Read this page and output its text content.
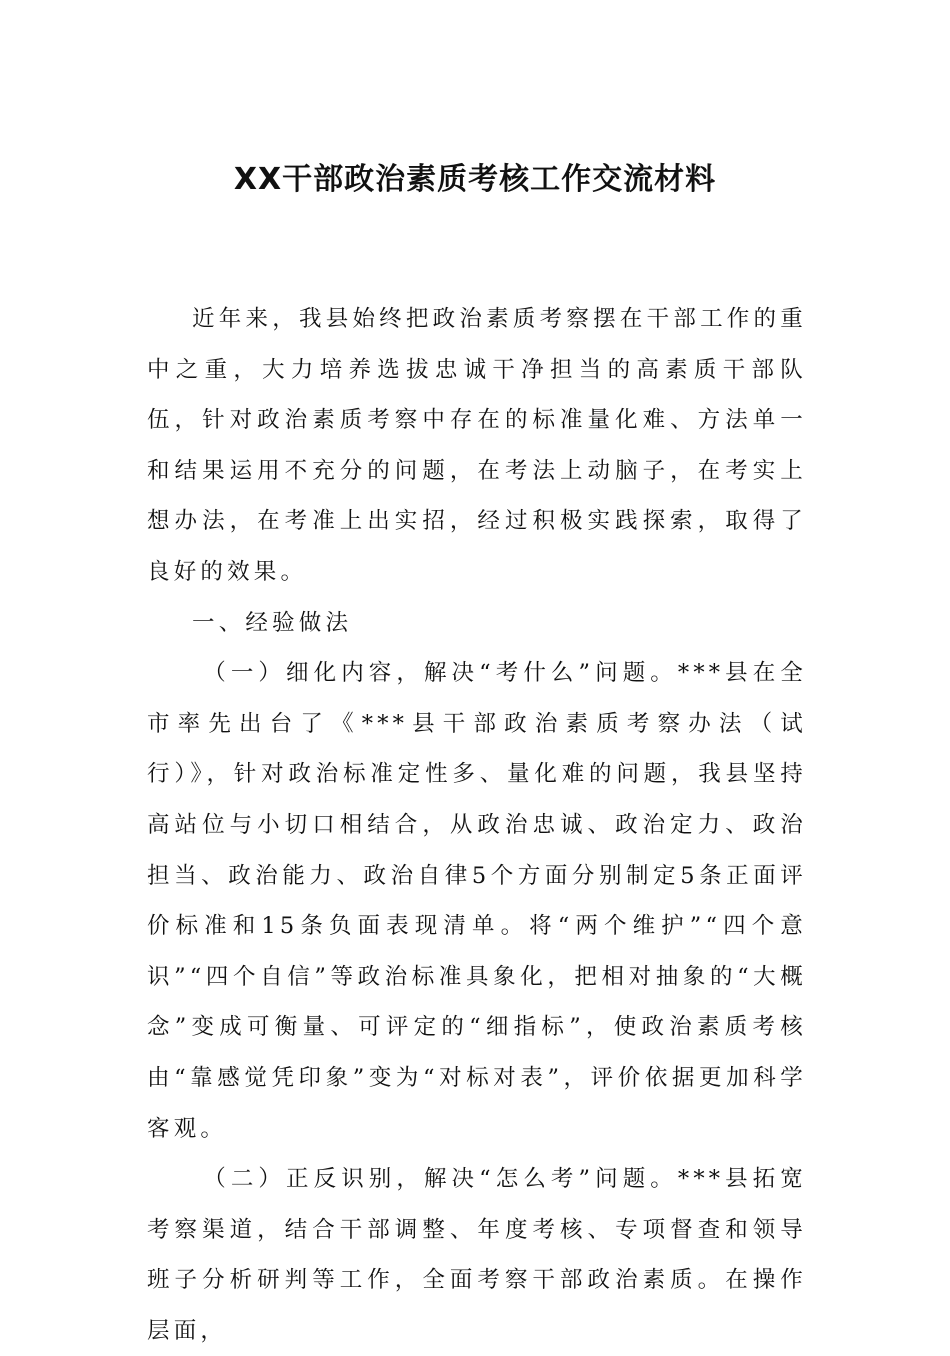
XX干部政治素质考核工作交流材料

近年来，我县始终把政治素质考察摆在干部工作的重中之重，大力培养选拔忠诚干净担当的高素质干部队伍，针对政治素质考察中存在的标准量化难、方法单一和结果运用不充分的问题，在考法上动脑子，在考实上想办法，在考准上出实招，经过积极实践探索，取得了良好的效果。

一、经验做法

（一）细化内容，解决“考什么”问题。***县在全市率先出台了《***县干部政治素质考察办法（试行）》，针对政治标准定性多、量化难的问题，我县坚持高站位与小切口相结合，从政治忠诚、政治定力、政治担当、政治能力、政治自律5个方面分别制定5条正面评价标准和15条负面表现清单。将“两个维护”“四个意识”“四个自信”等政治标准具象化，把相对抽象的“大概念”变成可衡量、可评定的“细指标”，使政治素质考核由“靠感觉凭印象”变为“对标对表”，评价依据更加科学客观。

（二）正反识别，解决“怎么考”问题。***县拓宽考察渠道，结合干部调整、年度考核、专项督查和领导班子分析研判等工作，全面考察干部政治素质。在操作层面，
